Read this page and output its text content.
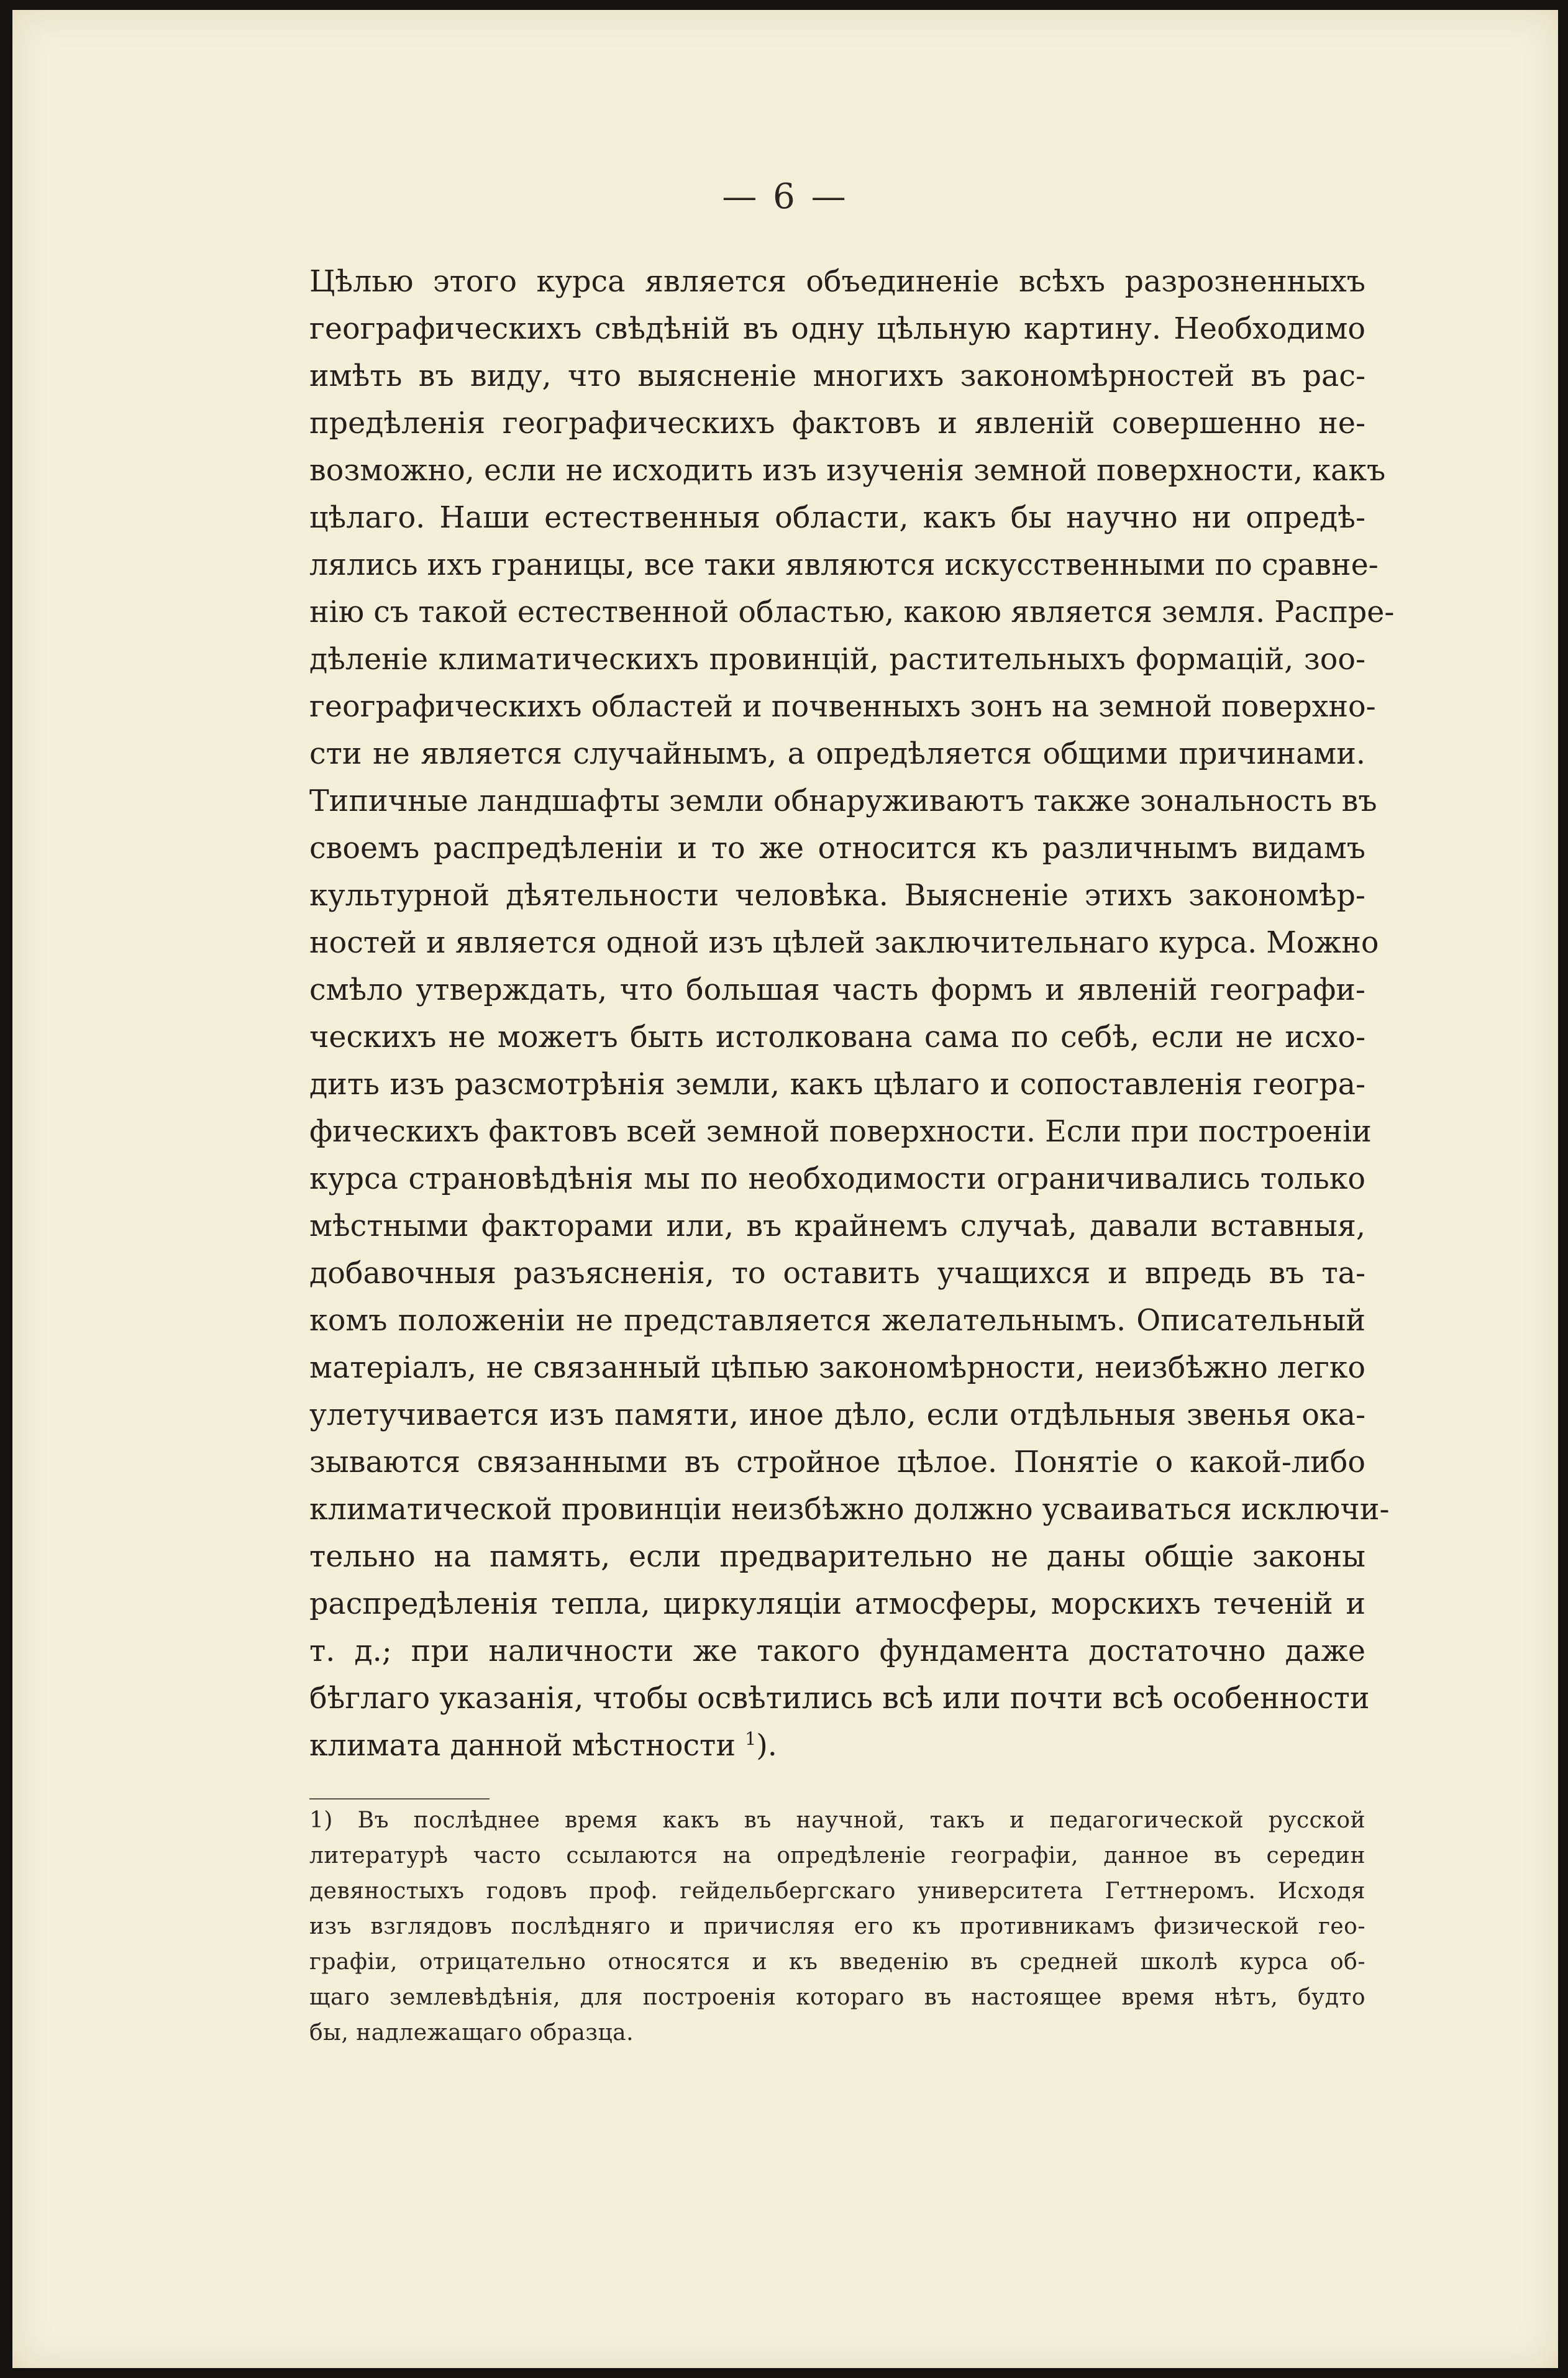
— 6 —

Цѣлью этого курса является объединеніе всѣхъ разрозненныхъ
географическихъ свѣдѣній въ одну цѣльную картину. Необходимо
имѣть въ виду, что выясненіе многихъ закономѣрностей въ рас-
предѣленія географическихъ фактовъ и явленій совершенно не-
возможно, если не исходить изъ изученія земной поверхности, какъ
цѣлаго. Наши естественныя области, какъ бы научно ни опредѣ-
лялись ихъ границы, все таки являются искусственными по сравне-
нію съ такой естественной областью, какою является земля. Распре-
дѣленіе климатическихъ провинцій, растительныхъ формацій, зоо-
географическихъ областей и почвенныхъ зонъ на земной поверхно-
сти не является случайнымъ, а опредѣляется общими причинами.
Типичные ландшафты земли обнаруживаютъ также зональность въ
своемъ распредѣленіи и то же относится къ различнымъ видамъ
культурной дѣятельности человѣка. Выясненіе этихъ закономѣр-
ностей и является одной изъ цѣлей заключительнаго курса. Можно
смѣло утверждать, что большая часть формъ и явленій географи-
ческихъ не можетъ быть истолкована сама по себѣ, если не исхо-
дить изъ разсмотрѣнія земли, какъ цѣлаго и сопоставленія геогра-
фическихъ фактовъ всей земной поверхности. Если при построеніи
курса страновѣдѣнія мы по необходимости ограничивались только
мѣстными факторами или, въ крайнемъ случаѣ, давали вставныя,
добавочныя разъясненія, то оставить учащихся и впредь въ та-
комъ положеніи не представляется желательнымъ. Описательный
матеріалъ, не связанный цѣпью закономѣрности, неизбѣжно легко
улетучивается изъ памяти, иное дѣло, если отдѣльныя звенья ока-
зываются связанными въ стройное цѣлое. Понятіе о какой-либо
климатической провинціи неизбѣжно должно усваиваться исключи-
тельно на память, если предварительно не даны общіе законы
распредѣленія тепла, циркуляціи атмосферы, морскихъ теченій и
т. д.; при наличности же такого фундамента достаточно даже
бѣглаго указанія, чтобы освѣтились всѣ или почти всѣ особенности
климата данной мѣстности $^1$).

1) Въ послѣднее время какъ въ научной, такъ и педагогической русской
литературѣ часто ссылаются на опредѣленіе географіи, данное въ середин
девяностыхъ годовъ проф. гейдельбергскаго университета Геттнеромъ. Исходя
изъ взглядовъ послѣдняго и причисляя его къ противникамъ физической гео-
графіи, отрицательно относятся и къ введенію въ средней школѣ курса об-
щаго землевѣдѣнія, для построенія котораго въ настоящее время нѣтъ, будто
бы, надлежащаго образца.
